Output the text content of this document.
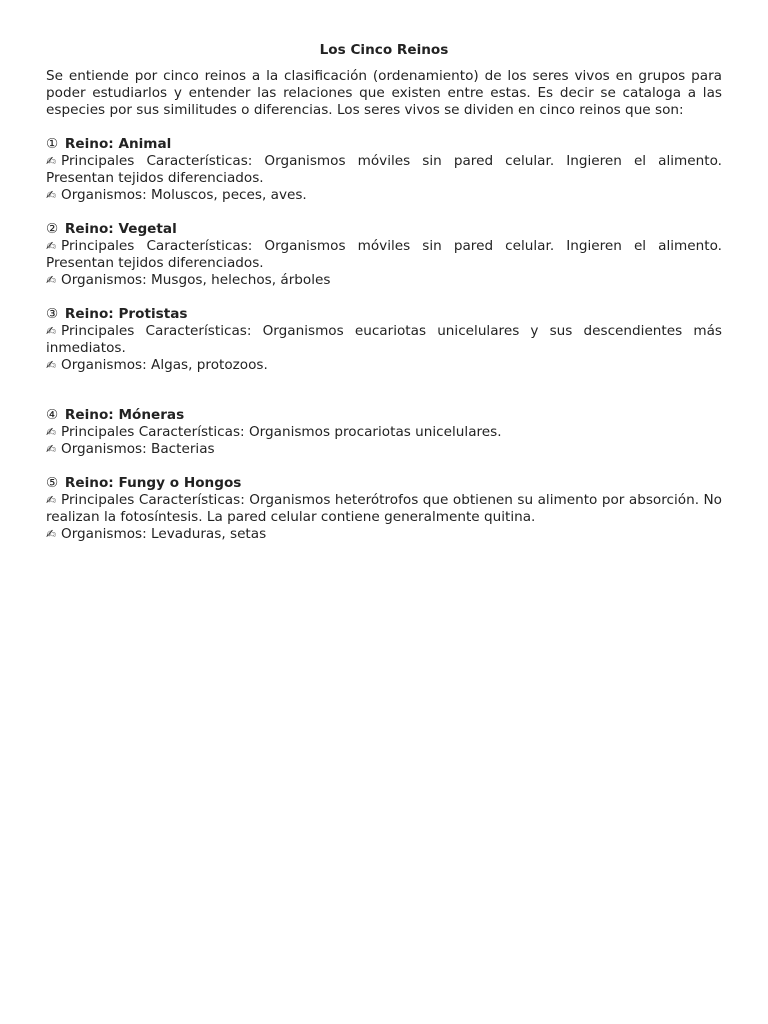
Los Cinco Reinos

Se entiende por cinco reinos a la clasificación (ordenamiento) de los seres vivos en grupos para poder estudiarlos y entender las relaciones que existen entre estas. Es decir se cataloga a las especies por sus similitudes o diferencias. Los seres vivos se dividen en cinco reinos que son:

① Reino: Animal

✍ Principales Características: Organismos móviles sin pared celular. Ingieren el alimento. Presentan tejidos diferenciados.

✍ Organismos: Moluscos, peces, aves.

② Reino: Vegetal

✍ Principales Características: Organismos móviles sin pared celular. Ingieren el alimento. Presentan tejidos diferenciados.

✍ Organismos: Musgos, helechos, árboles

③ Reino: Protistas

✍ Principales Características: Organismos eucariotas unicelulares y sus descendientes más inmediatos.

✍ Organismos: Algas, protozoos.

④ Reino: Móneras

✍ Principales Características: Organismos procariotas unicelulares.

✍ Organismos: Bacterias

⑤ Reino: Fungy o Hongos

✍ Principales Características: Organismos heterótrofos que obtienen su alimento por absorción. No realizan la fotosíntesis. La pared celular contiene generalmente quitina.

✍ Organismos: Levaduras, setas
